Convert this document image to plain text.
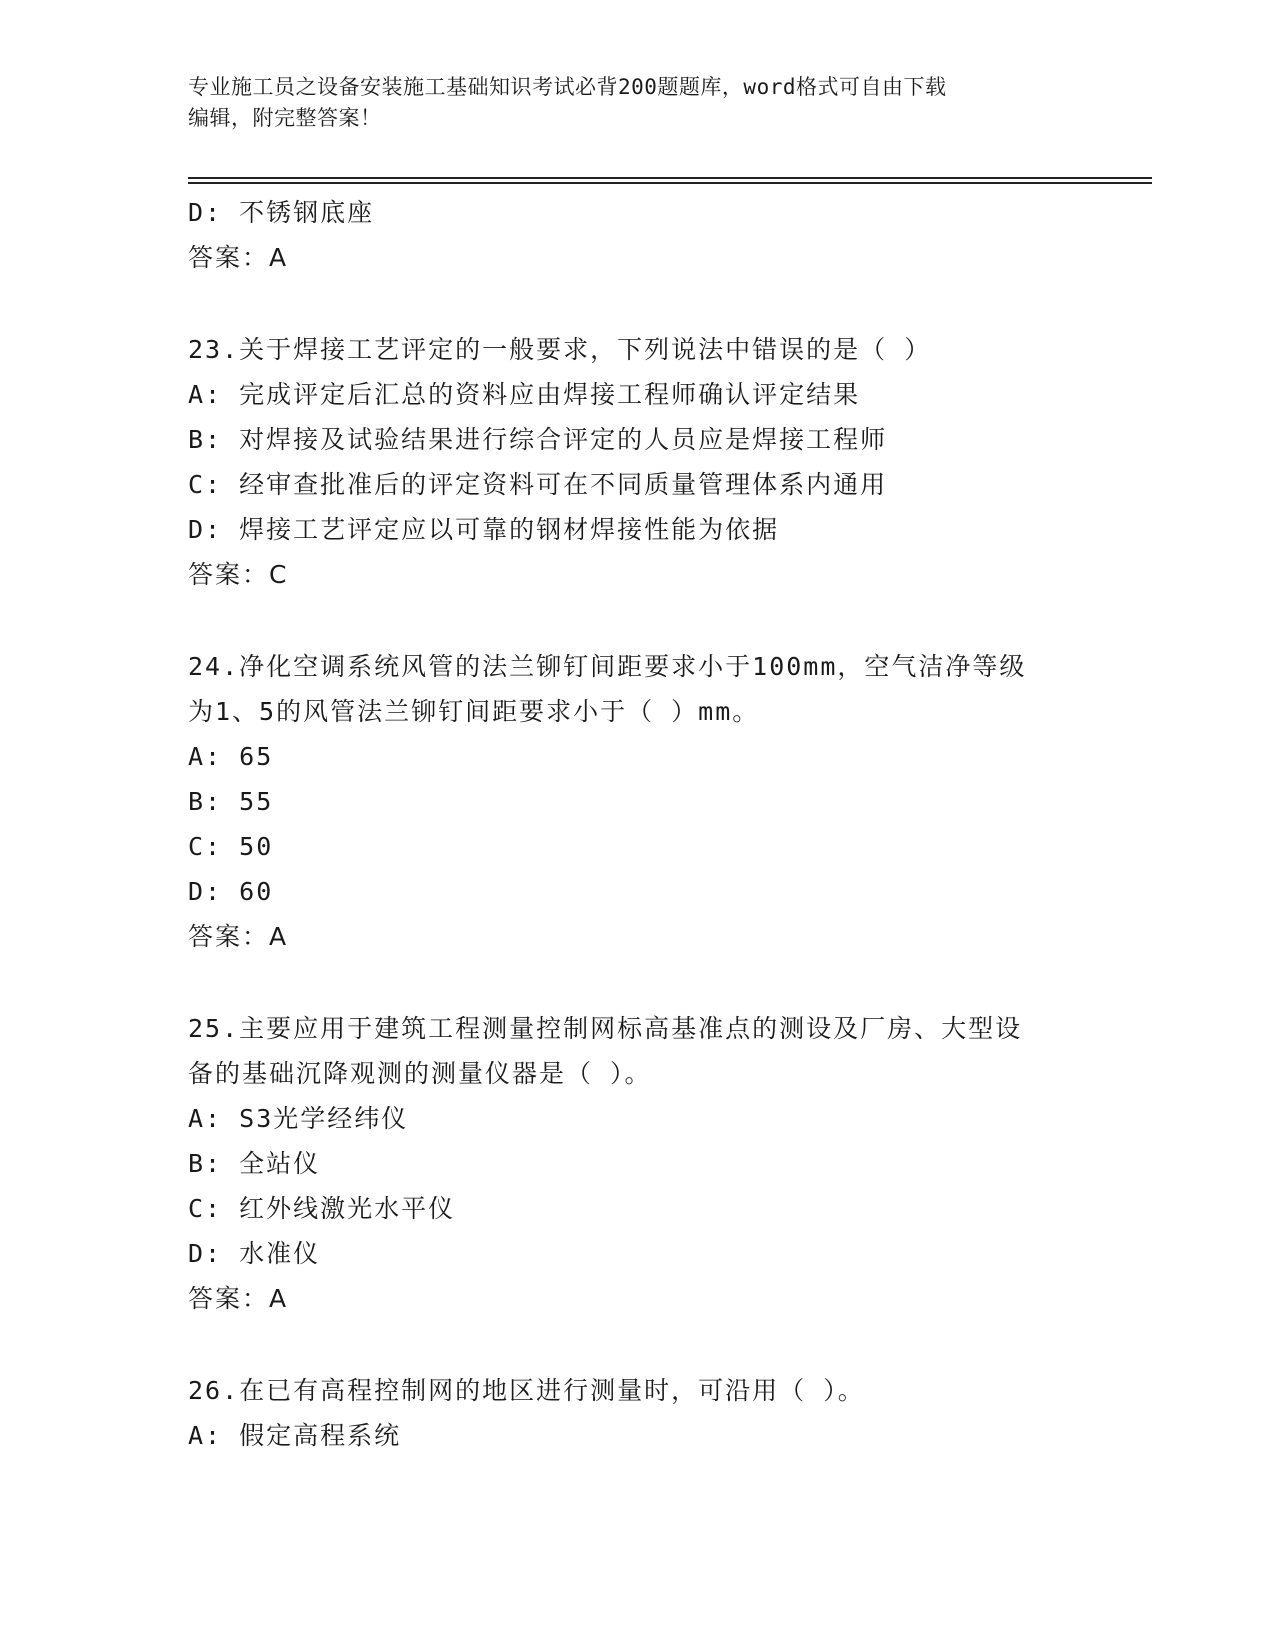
专业施工员之设备安装施工基础知识考试必背200题题库，word格式可自由下载
编辑，附完整答案！
D: 不锈钢底座
答案：A
23.关于焊接工艺评定的一般要求，下列说法中错误的是（ ）
A: 完成评定后汇总的资料应由焊接工程师确认评定结果
B: 对焊接及试验结果进行综合评定的人员应是焊接工程师
C: 经审查批准后的评定资料可在不同质量管理体系内通用
D: 焊接工艺评定应以可靠的钢材焊接性能为依据
答案：C
24.净化空调系统风管的法兰铆钉间距要求小于100mm，空气洁净等级
为1、5的风管法兰铆钉间距要求小于（ ）mm。
A: 65
B: 55
C: 50
D: 60
答案：A
25.主要应用于建筑工程测量控制网标高基准点的测设及厂房、大型设
备的基础沉降观测的测量仪器是（ ）。
A: S3光学经纬仪
B: 全站仪
C: 红外线激光水平仪
D: 水准仪
答案：A
26.在已有高程控制网的地区进行测量时，可沿用（ ）。
A: 假定高程系统
